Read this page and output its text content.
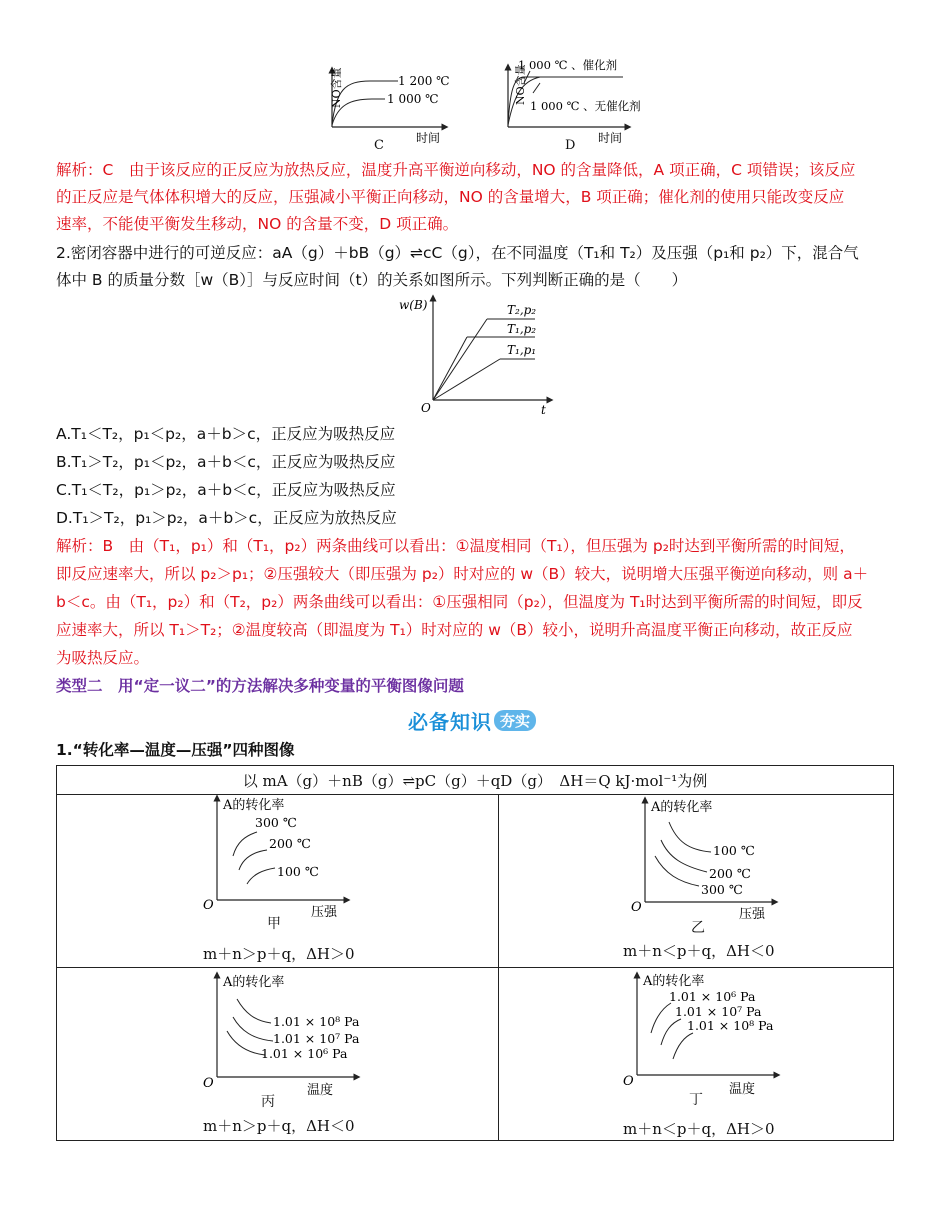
NO含量	1 200 ℃
1 000 ℃
时间
C
NO含量
1 000 ℃ 、催化剂
1 000 ℃ 、无催化剂
时间
D
解析：C　由于该反应的正反应为放热反应，温度升高平衡逆向移动，NO 的含量降低，A 项正确，C 项错误；该反应
的正反应是气体体积增大的反应，压强减小平衡正向移动，NO 的含量增大，B 项正确；催化剂的使用只能改变反应
速率，不能使平衡发生移动，NO 的含量不变，D 项正确。
2.密闭容器中进行的可逆反应：aA（g）＋bB（g）⇌cC（g），在不同温度（T₁和 T₂）及压强（p₁和 p₂）下，混合气
体中 B 的质量分数［w（B）］与反应时间（t）的关系如图所示。下列判断正确的是（　　）
w(B)	T₂,p₂
T₁,p₂
T₁,p₁
O	t
A.T₁＜T₂，p₁＜p₂，a＋b＞c，正反应为吸热反应
B.T₁＞T₂，p₁＜p₂，a＋b＜c，正反应为吸热反应
C.T₁＜T₂，p₁＞p₂，a＋b＜c，正反应为吸热反应
D.T₁＞T₂，p₁＞p₂，a＋b＞c，正反应为放热反应
解析：B　由（T₁，p₁）和（T₁，p₂）两条曲线可以看出：①温度相同（T₁），但压强为 p₂时达到平衡所需的时间短，
即反应速率大，所以 p₂＞p₁；②压强较大（即压强为 p₂）时对应的 w（B）较大，说明增大压强平衡逆向移动，则 a＋
b＜c。由（T₁，p₂）和（T₂，p₂）两条曲线可以看出：①压强相同（p₂），但温度为 T₁时达到平衡所需的时间短，即反
应速率大，所以 T₁＞T₂；②温度较高（即温度为 T₁）时对应的 w（B）较小，说明升高温度平衡正向移动，故正反应
为吸热反应。
类型二　用“定一议二”的方法解决多种变量的平衡图像问题
必备知识 夯实
1.“转化率—温度—压强”四种图像
以 mA（g）＋nB（g）⇌pC（g）＋qD（g）　ΔH＝Q kJ·mol⁻¹为例
A的转化率
300 ℃
200 ℃
100 ℃
O	压强
甲
m＋n＞p＋q，ΔH＞0
A的转化率
100 ℃
200 ℃
300 ℃
O	压强
乙
m＋n＜p＋q，ΔH＜0
A的转化率
1.01 × 10⁸ Pa
1.01 × 10⁷ Pa
1.01 × 10⁶ Pa
O	温度
丙
m＋n＞p＋q，ΔH＜0
A的转化率
1.01 × 10⁶ Pa
1.01 × 10⁷ Pa
1.01 × 10⁸ Pa
O
温度
丁
m＋n＜p＋q，ΔH＞0
